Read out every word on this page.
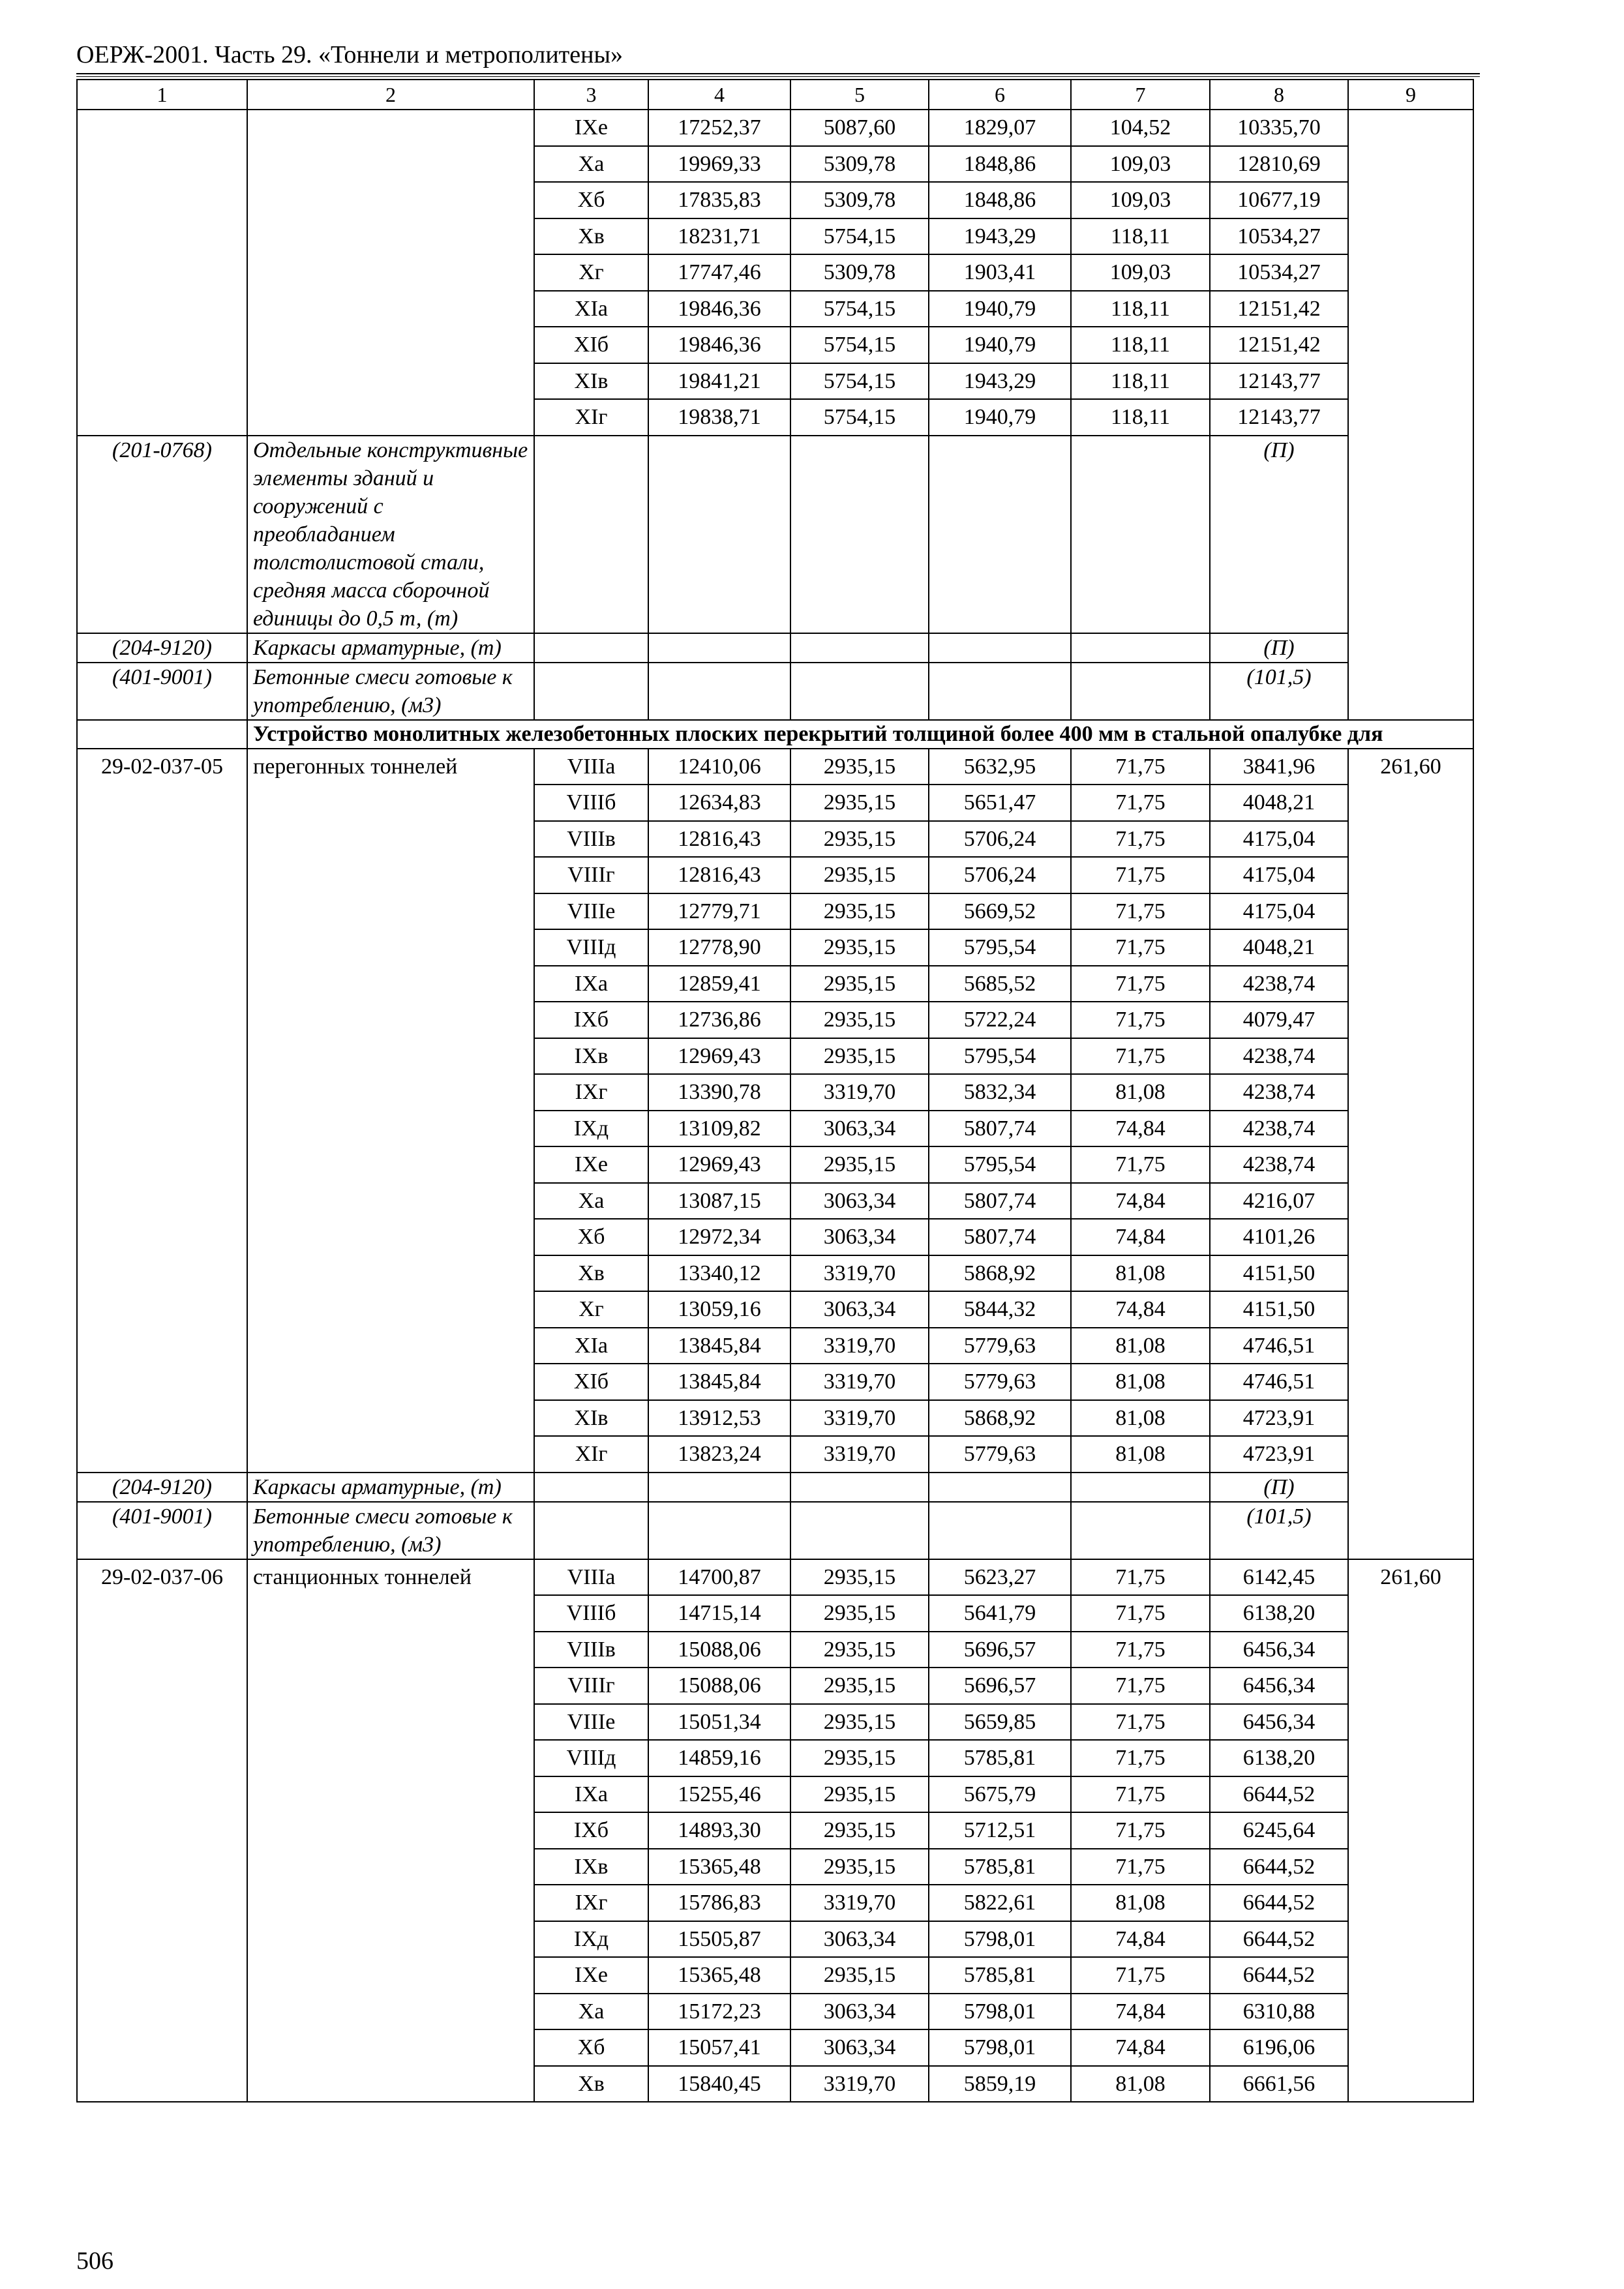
ОЕРЖ-2001. Часть 29. «Тоннели и метрополитены»
1	2	3	4	5	6	7	8	9
		IXe	17252,37	5087,60	1829,07	104,52	10335,70	
		Xa	19969,33	5309,78	1848,86	109,03	12810,69	
		Xб	17835,83	5309,78	1848,86	109,03	10677,19	
		Xв	18231,71	5754,15	1943,29	118,11	10534,27	
		Xг	17747,46	5309,78	1903,41	109,03	10534,27	
		XIa	19846,36	5754,15	1940,79	118,11	12151,42	
		XIб	19846,36	5754,15	1940,79	118,11	12151,42	
		XIв	19841,21	5754,15	1943,29	118,11	12143,77	
		XIг	19838,71	5754,15	1940,79	118,11	12143,77	
(201-0768)	Отдельные конструктивные элементы зданий и сооружений с преобладанием толстолистовой стали, средняя масса сборочной единицы до 0,5 т, (т)						(П)	
(204-9120)	Каркасы арматурные, (т)						(П)	
(401-9001)	Бетонные смеси готовые к употреблению, (м3)						(101,5)	
	Устройство монолитных железобетонных плоских перекрытий толщиной более 400 мм в стальной опалубке для							
29-02-037-05	перегонных тоннелей	VIIIa	12410,06	2935,15	5632,95	71,75	3841,96	261,60
		VIIIб	12634,83	2935,15	5651,47	71,75	4048,21	
		VIIIв	12816,43	2935,15	5706,24	71,75	4175,04	
		VIIIг	12816,43	2935,15	5706,24	71,75	4175,04	
		VIIIe	12779,71	2935,15	5669,52	71,75	4175,04	
		VIIIд	12778,90	2935,15	5795,54	71,75	4048,21	
		IXa	12859,41	2935,15	5685,52	71,75	4238,74	
		IXб	12736,86	2935,15	5722,24	71,75	4079,47	
		IXв	12969,43	2935,15	5795,54	71,75	4238,74	
		IXг	13390,78	3319,70	5832,34	81,08	4238,74	
		IXд	13109,82	3063,34	5807,74	74,84	4238,74	
		IXe	12969,43	2935,15	5795,54	71,75	4238,74	
		Xa	13087,15	3063,34	5807,74	74,84	4216,07	
		Xб	12972,34	3063,34	5807,74	74,84	4101,26	
		Xв	13340,12	3319,70	5868,92	81,08	4151,50	
		Xг	13059,16	3063,34	5844,32	74,84	4151,50	
		XIa	13845,84	3319,70	5779,63	81,08	4746,51	
		XIб	13845,84	3319,70	5779,63	81,08	4746,51	
		XIв	13912,53	3319,70	5868,92	81,08	4723,91	
		XIг	13823,24	3319,70	5779,63	81,08	4723,91	
(204-9120)	Каркасы арматурные, (т)						(П)	
(401-9001)	Бетонные смеси готовые к употреблению, (м3)						(101,5)	
29-02-037-06	станционных тоннелей	VIIIa	14700,87	2935,15	5623,27	71,75	6142,45	261,60
		VIIIб	14715,14	2935,15	5641,79	71,75	6138,20	
		VIIIв	15088,06	2935,15	5696,57	71,75	6456,34	
		VIIIг	15088,06	2935,15	5696,57	71,75	6456,34	
		VIIIe	15051,34	2935,15	5659,85	71,75	6456,34	
		VIIIд	14859,16	2935,15	5785,81	71,75	6138,20	
		IXa	15255,46	2935,15	5675,79	71,75	6644,52	
		IXб	14893,30	2935,15	5712,51	71,75	6245,64	
		IXв	15365,48	2935,15	5785,81	71,75	6644,52	
		IXг	15786,83	3319,70	5822,61	81,08	6644,52	
		IXд	15505,87	3063,34	5798,01	74,84	6644,52	
		IXe	15365,48	2935,15	5785,81	71,75	6644,52	
		Xa	15172,23	3063,34	5798,01	74,84	6310,88	
		Xб	15057,41	3063,34	5798,01	74,84	6196,06	
		Xв	15840,45	3319,70	5859,19	81,08	6661,56	
506
